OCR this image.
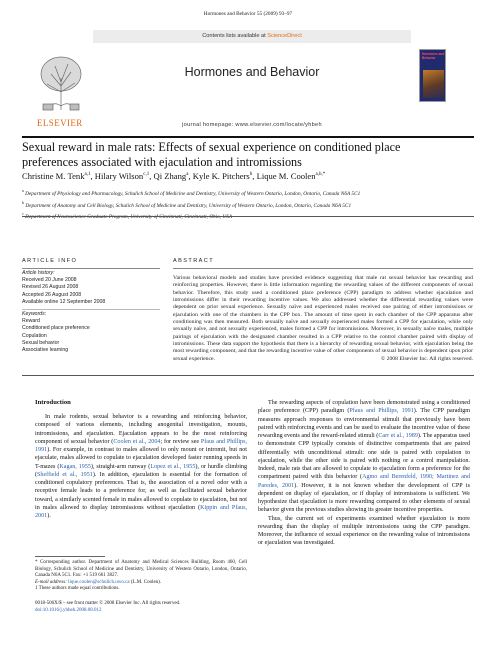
Hormones and Behavior 55 (2009) 93–97
ELSEVIER
Contents lists available at ScienceDirect
Hormones and Behavior
journal homepage: www.elsevier.com/locate/yhbeh
Hormones and Behavior
Sexual reward in male rats: Effects of sexual experience on conditioned place
preferences associated with ejaculation and intromissions
Christine M. Tenk$^{a,1}$, Hilary Wilson$^{c,1}$, Qi Zhang$^a$, Kyle K. Pitchers$^b$, Lique M. Coolen$^{a,b,*}$
$^a$ Department of Physiology and Pharmacology, Schulich School of Medicine and Dentistry, University of Western Ontario, London, Ontario, Canada N6A 5C1
$^b$ Department of Anatomy and Cell Biology, Schulich School of Medicine and Dentistry, University of Western Ontario, London, Ontario, Canada N6A 5C1
$^c$
ARTICLE INFO
Article history:
Received 20 June 2008
Revised 26 August 2008
Accepted 26 August 2008
Available online 12 September 2008
Keywords:
Reward
Conditioned place preference
Copulation
Sexual behavior
Associative learning
ABSTRACT
Various behavioral models and studies have provided evidence suggesting that male rat sexual behavior has rewarding and reinforcing properties. However, there is little information regarding the rewarding values of the different components of sexual behavior. Therefore, this study used a conditioned place preference (CPP) paradigm to address whether ejaculation and intromissions differ in their rewarding incentive values. We also addressed whether the differential rewarding values were dependent on prior sexual experience. Sexually naïve and experienced males received one pairing of either intromissions or ejaculation with one of the chambers in the CPP box. The amount of time spent in each chamber of the CPP apparatus after conditioning was then measured. Both sexually naïve and sexually experienced males formed a CPP for ejaculation, while only sexually naïve, and not sexually experienced, males formed a CPP for intromissions. Moreover, in sexually naïve males, multiple pairings of ejaculation with the designated chamber resulted in a CPP relative to the control chamber paired with display of intromissions. These data support the hypothesis that there is a hierarchy of rewarding sexual behavior, with ejaculation being the most rewarding component, and that the rewarding incentive value of other components of sexual behavior is dependent upon prior sexual experience.	© 2008 Elsevier Inc. All rights reserved.
Introduction

In male rodents, sexual behavior is a rewarding and reinforcing behavior, composed of various elements, including anogenital investigation, mounts, intromissions, and ejaculation. Ejaculation appears to be the most reinforcing component of sexual behavior (Coolen et al., 2004; for review see Pfaus and Phillips, 1991). For example, in contrast to males allowed to only mount or intromit, but not ejaculate, males allowed to copulate to ejaculation developed faster running speeds in T-mazes (Kagan, 1955), straight-arm runway (Lopez et al., 1955), or hurdle climbing (Sheffield et al., 1951). In addition, ejaculation is essential for the formation of conditioned copulatory preferences. That is, the association of a novel odor with a receptive female leads to a preference for, as well as facilitated sexual behavior toward, a similarly scented female in males allowed to copulate to ejaculation, but not in males allowed to display intromissions without ejaculation (Kippin and Pfaus, 2001).

The rewarding aspects of copulation have been demonstrated using a conditioned place preference (CPP) paradigm (Pfaus and Phillips, 1991). The CPP paradigm measures approach responses to environmental stimuli that previously have been paired with reinforcing events and can be used to evaluate the incentive value of these rewarding events and the reward-related stimuli (Carr et al., 1989). The apparatus used to demonstrate CPP typically consists of distinctive compartments that are paired differentially with unconditional stimuli: one side is paired with copulation to ejaculation, while the other side is paired with nothing or a control manipulation. Indeed, male rats that are allowed to copulate to ejaculation form a preference for the compartment paired with this behavior (Agmo and Berenfeld, 1990; Martinez and Paredes, 2001). However, it is not known whether the development of CPP is dependent on display of ejaculation, or if display of intromissions is sufficient. We hypothesize that ejaculation is more rewarding compared to other elements of sexual behavior given the previous studies showing its greater incentive properties.

Thus, the current set of experiments examined whether ejaculation is more rewarding than the display of multiple intromissions using the CPP paradigm. Moreover, the influence of sexual experience on the rewarding value of intromissions or ejaculation was investigated.

* Corresponding author. Department of Anatomy and Medical Sciences Building, Room 460, Cell Biology, Schulich School of Medicine and Dentistry, University of Western Ontario, London, Ontario, Canada N6A 5C1. Fax: +1 519 661 3827.
E-mail address: lique.coolen@schulich.uwo.ca (L.M. Coolen).
1 These authors made equal contributions.
0018-506X/$ – see front matter © 2008 Elsevier Inc. All rights reserved.
doi:10.1016/j.yhbeh.2008.08.012
